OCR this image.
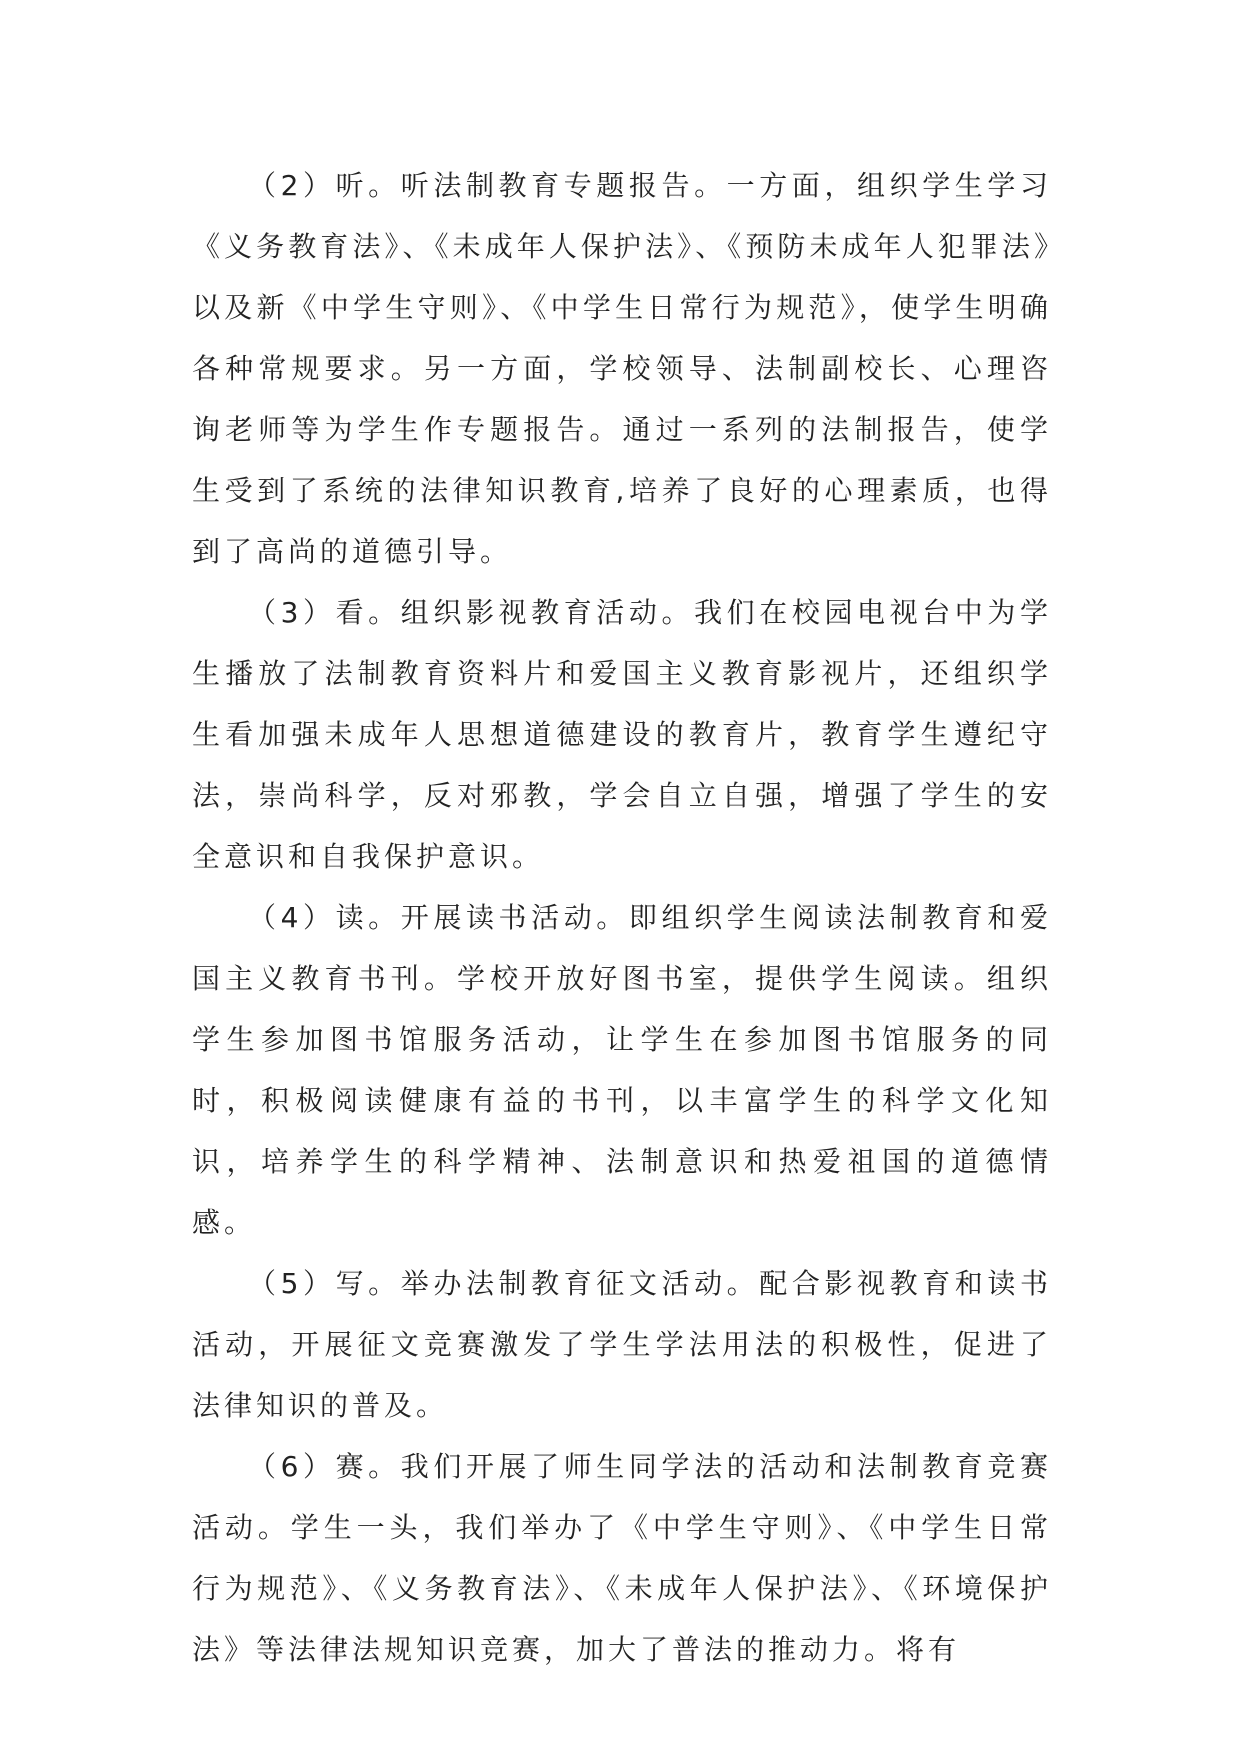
（2）听。听法制教育专题报告。一方面，组织学生学习《义务教育法》、《未成年人保护法》、《预防未成年人犯罪法》以及新《中学生守则》、《中学生日常行为规范》，使学生明确各种常规要求。另一方面，学校领导、法制副校长、心理咨询老师等为学生作专题报告。通过一系列的法制报告，使学生受到了系统的法律知识教育,培养了良好的心理素质，也得到了高尚的道德引导。

（3）看。组织影视教育活动。我们在校园电视台中为学生播放了法制教育资料片和爱国主义教育影视片，还组织学生看加强未成年人思想道德建设的教育片，教育学生遵纪守法，崇尚科学，反对邪教，学会自立自强，增强了学生的安全意识和自我保护意识。

（4）读。开展读书活动。即组织学生阅读法制教育和爱国主义教育书刊。学校开放好图书室，提供学生阅读。组织学生参加图书馆服务活动，让学生在参加图书馆服务的同时，积极阅读健康有益的书刊，以丰富学生的科学文化知识，培养学生的科学精神、法制意识和热爱祖国的道德情感。

（5）写。举办法制教育征文活动。配合影视教育和读书活动，开展征文竞赛激发了学生学法用法的积极性，促进了法律知识的普及。

（6）赛。我们开展了师生同学法的活动和法制教育竞赛活动。学生一头，我们举办了《中学生守则》、《中学生日常行为规范》、《义务教育法》、《未成年人保护法》、《环境保护法》等法律法规知识竞赛，加大了普法的推动力。将有
